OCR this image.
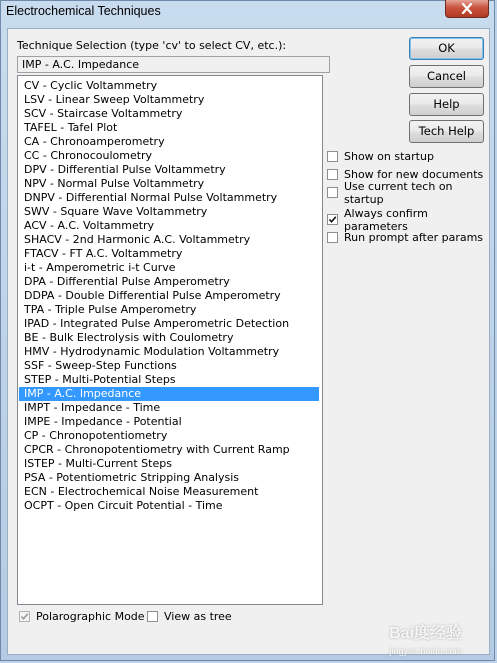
Electrochemical Techniques
Technique Selection (type 'cv' to select CV, etc.):
IMP - A.C. Impedance
CV - Cyclic Voltammetry
LSV - Linear Sweep Voltammetry
SCV - Staircase Voltammetry
TAFEL - Tafel Plot
CA - Chronoamperometry
CC - Chronocoulometry
DPV - Differential Pulse Voltammetry
NPV - Normal Pulse Voltammetry
DNPV - Differential Normal Pulse Voltammetry
SWV - Square Wave Voltammetry
ACV - A.C. Voltammetry
SHACV - 2nd Harmonic A.C. Voltammetry
FTACV - FT A.C. Voltammetry
i-t - Amperometric i-t Curve
DPA - Differential Pulse Amperometry
DDPA - Double Differential Pulse Amperometry
TPA - Triple Pulse Amperometry
IPAD - Integrated Pulse Amperometric Detection
BE - Bulk Electrolysis with Coulometry
HMV - Hydrodynamic Modulation Voltammetry
SSF - Sweep-Step Functions
STEP - Multi-Potential Steps
IMP - A.C. Impedance
IMPT - Impedance - Time
IMPE - Impedance - Potential
CP - Chronopotentiometry
CPCR - Chronopotentiometry with Current Ramp
ISTEP - Multi-Current Steps
PSA - Potentiometric Stripping Analysis
ECN - Electrochemical Noise Measurement
OCPT - Open Circuit Potential - Time
OK
Cancel
Help
Tech Help
Show on startup
Show for new documents
Use current tech on startup
Always confirm parameters
Run prompt after params
Polarographic Mode View as tree
Bai度经验
jingyan.baidu.com
